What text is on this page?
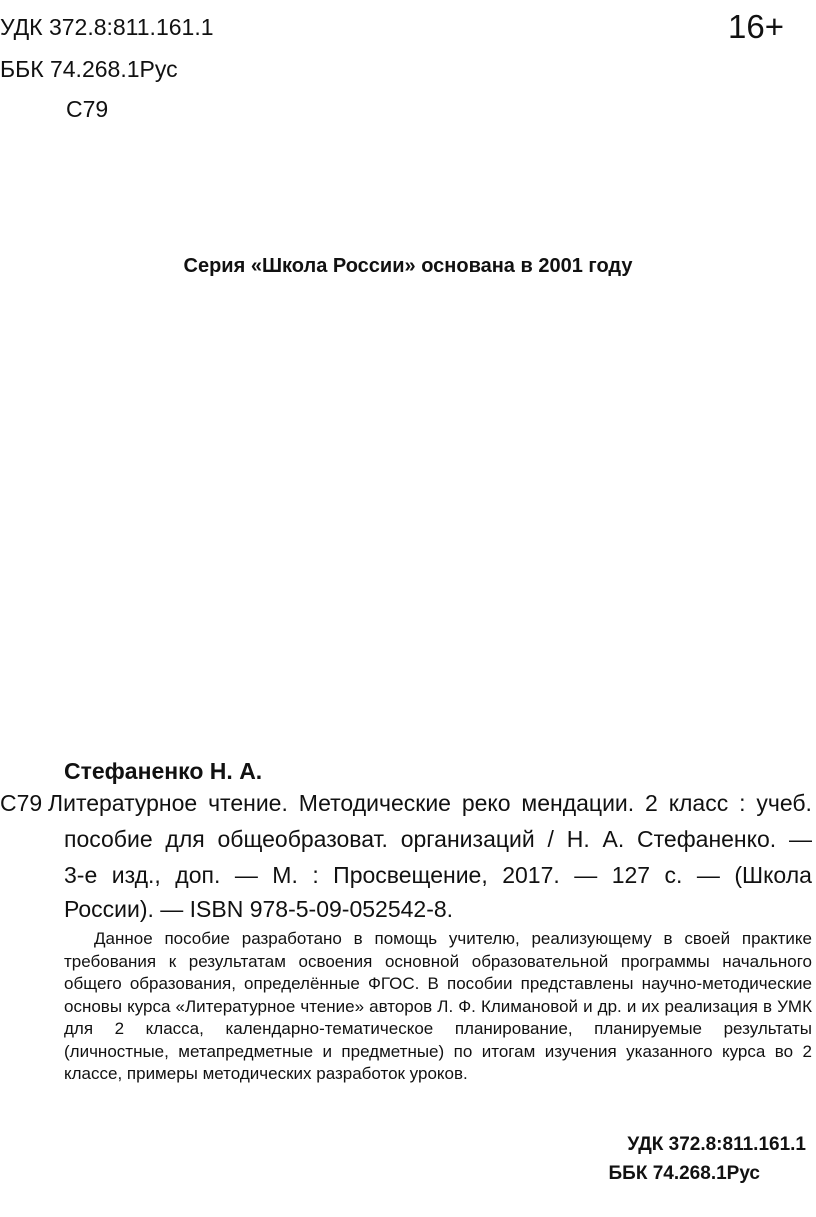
УДК 372.8:811.161.1	16+
ББК 74.268.1Рус
С79
Серия «Школа России» основана в 2001 году
Стефаненко Н. А.
С79 Литературное чтение. Методические реко мендации. 2 класс : учеб.
пособие для общеобразоват. организаций / Н. А. Стефаненко. —
3-е изд., доп. — М. : Просвещение, 2017. — 127 с. — (Школа
России). — ISBN 978-5-09-052542-8.
Данное пособие разработано в помощь учителю, реализующему в своей практике требования к результатам освоения основной образовательной программы начального общего образования, определённые ФГОС. В пособии представлены научно-методические основы курса «Литературное чтение» авторов Л. Ф. Климановой и др. и их реализация в УМК для 2 класса, календарно-тематическое планирование, планируемые результаты (личностные, метапредметные и предметные) по итогам изучения указанного курса во 2 классе, примеры методических разработок уроков.
УДК 372.8:811.161.1
ББК 74.268.1Рус
